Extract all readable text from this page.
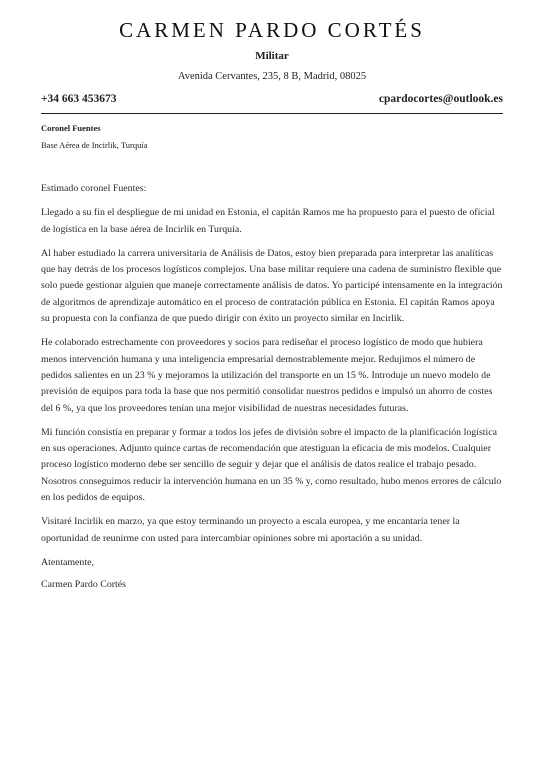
CARMEN PARDO CORTÉS
Militar
Avenida Cervantes, 235, 8 B, Madrid, 08025
+34 663 453673	cpardocortes@outlook.es
Coronel Fuentes
Base Aérea de Incirlik, Turquía

Estimado coronel Fuentes:

Llegado a su fin el despliegue de mi unidad en Estonia, el capitán Ramos me ha propuesto para el puesto de oficial de logística en la base aérea de Incirlik en Turquía.

Al haber estudiado la carrera universitaria de Análisis de Datos, estoy bien preparada para interpretar las analíticas que hay detrás de los procesos logísticos complejos. Una base militar requiere una cadena de suministro flexible que solo puede gestionar alguien que maneje correctamente análisis de datos. Yo participé intensamente en la integración de algoritmos de aprendizaje automático en el proceso de contratación pública en Estonia. El capitán Ramos apoya su propuesta con la confianza de que puedo dirigir con éxito un proyecto similar en Incirlik.

He colaborado estrechamente con proveedores y socios para rediseñar el proceso logístico de modo que hubiera menos intervención humana y una inteligencia empresarial demostrablemente mejor. Redujimos el número de pedidos salientes en un 23 % y mejoramos la utilización del transporte en un 15 %. Introduje un nuevo modelo de previsión de equipos para toda la base que nos permitió consolidar nuestros pedidos e impulsó un ahorro de costes del 6 %, ya que los proveedores tenían una mejor visibilidad de nuestras necesidades futuras.

Mi función consistía en preparar y formar a todos los jefes de división sobre el impacto de la planificación logística en sus operaciones. Adjunto quince cartas de recomendación que atestiguan la eficacia de mis modelos. Cualquier proceso logístico moderno debe ser sencillo de seguir y dejar que el análisis de datos realice el trabajo pesado. Nosotros conseguimos reducir la intervención humana en un 35 % y, como resultado, hubo menos errores de cálculo en los pedidos de equipos.

Visitaré Incirlik en marzo, ya que estoy terminando un proyecto a escala europea, y me encantaría tener la oportunidad de reunirme con usted para intercambiar opiniones sobre mi aportación a su unidad.

Atentamente,

Carmen Pardo Cortés
